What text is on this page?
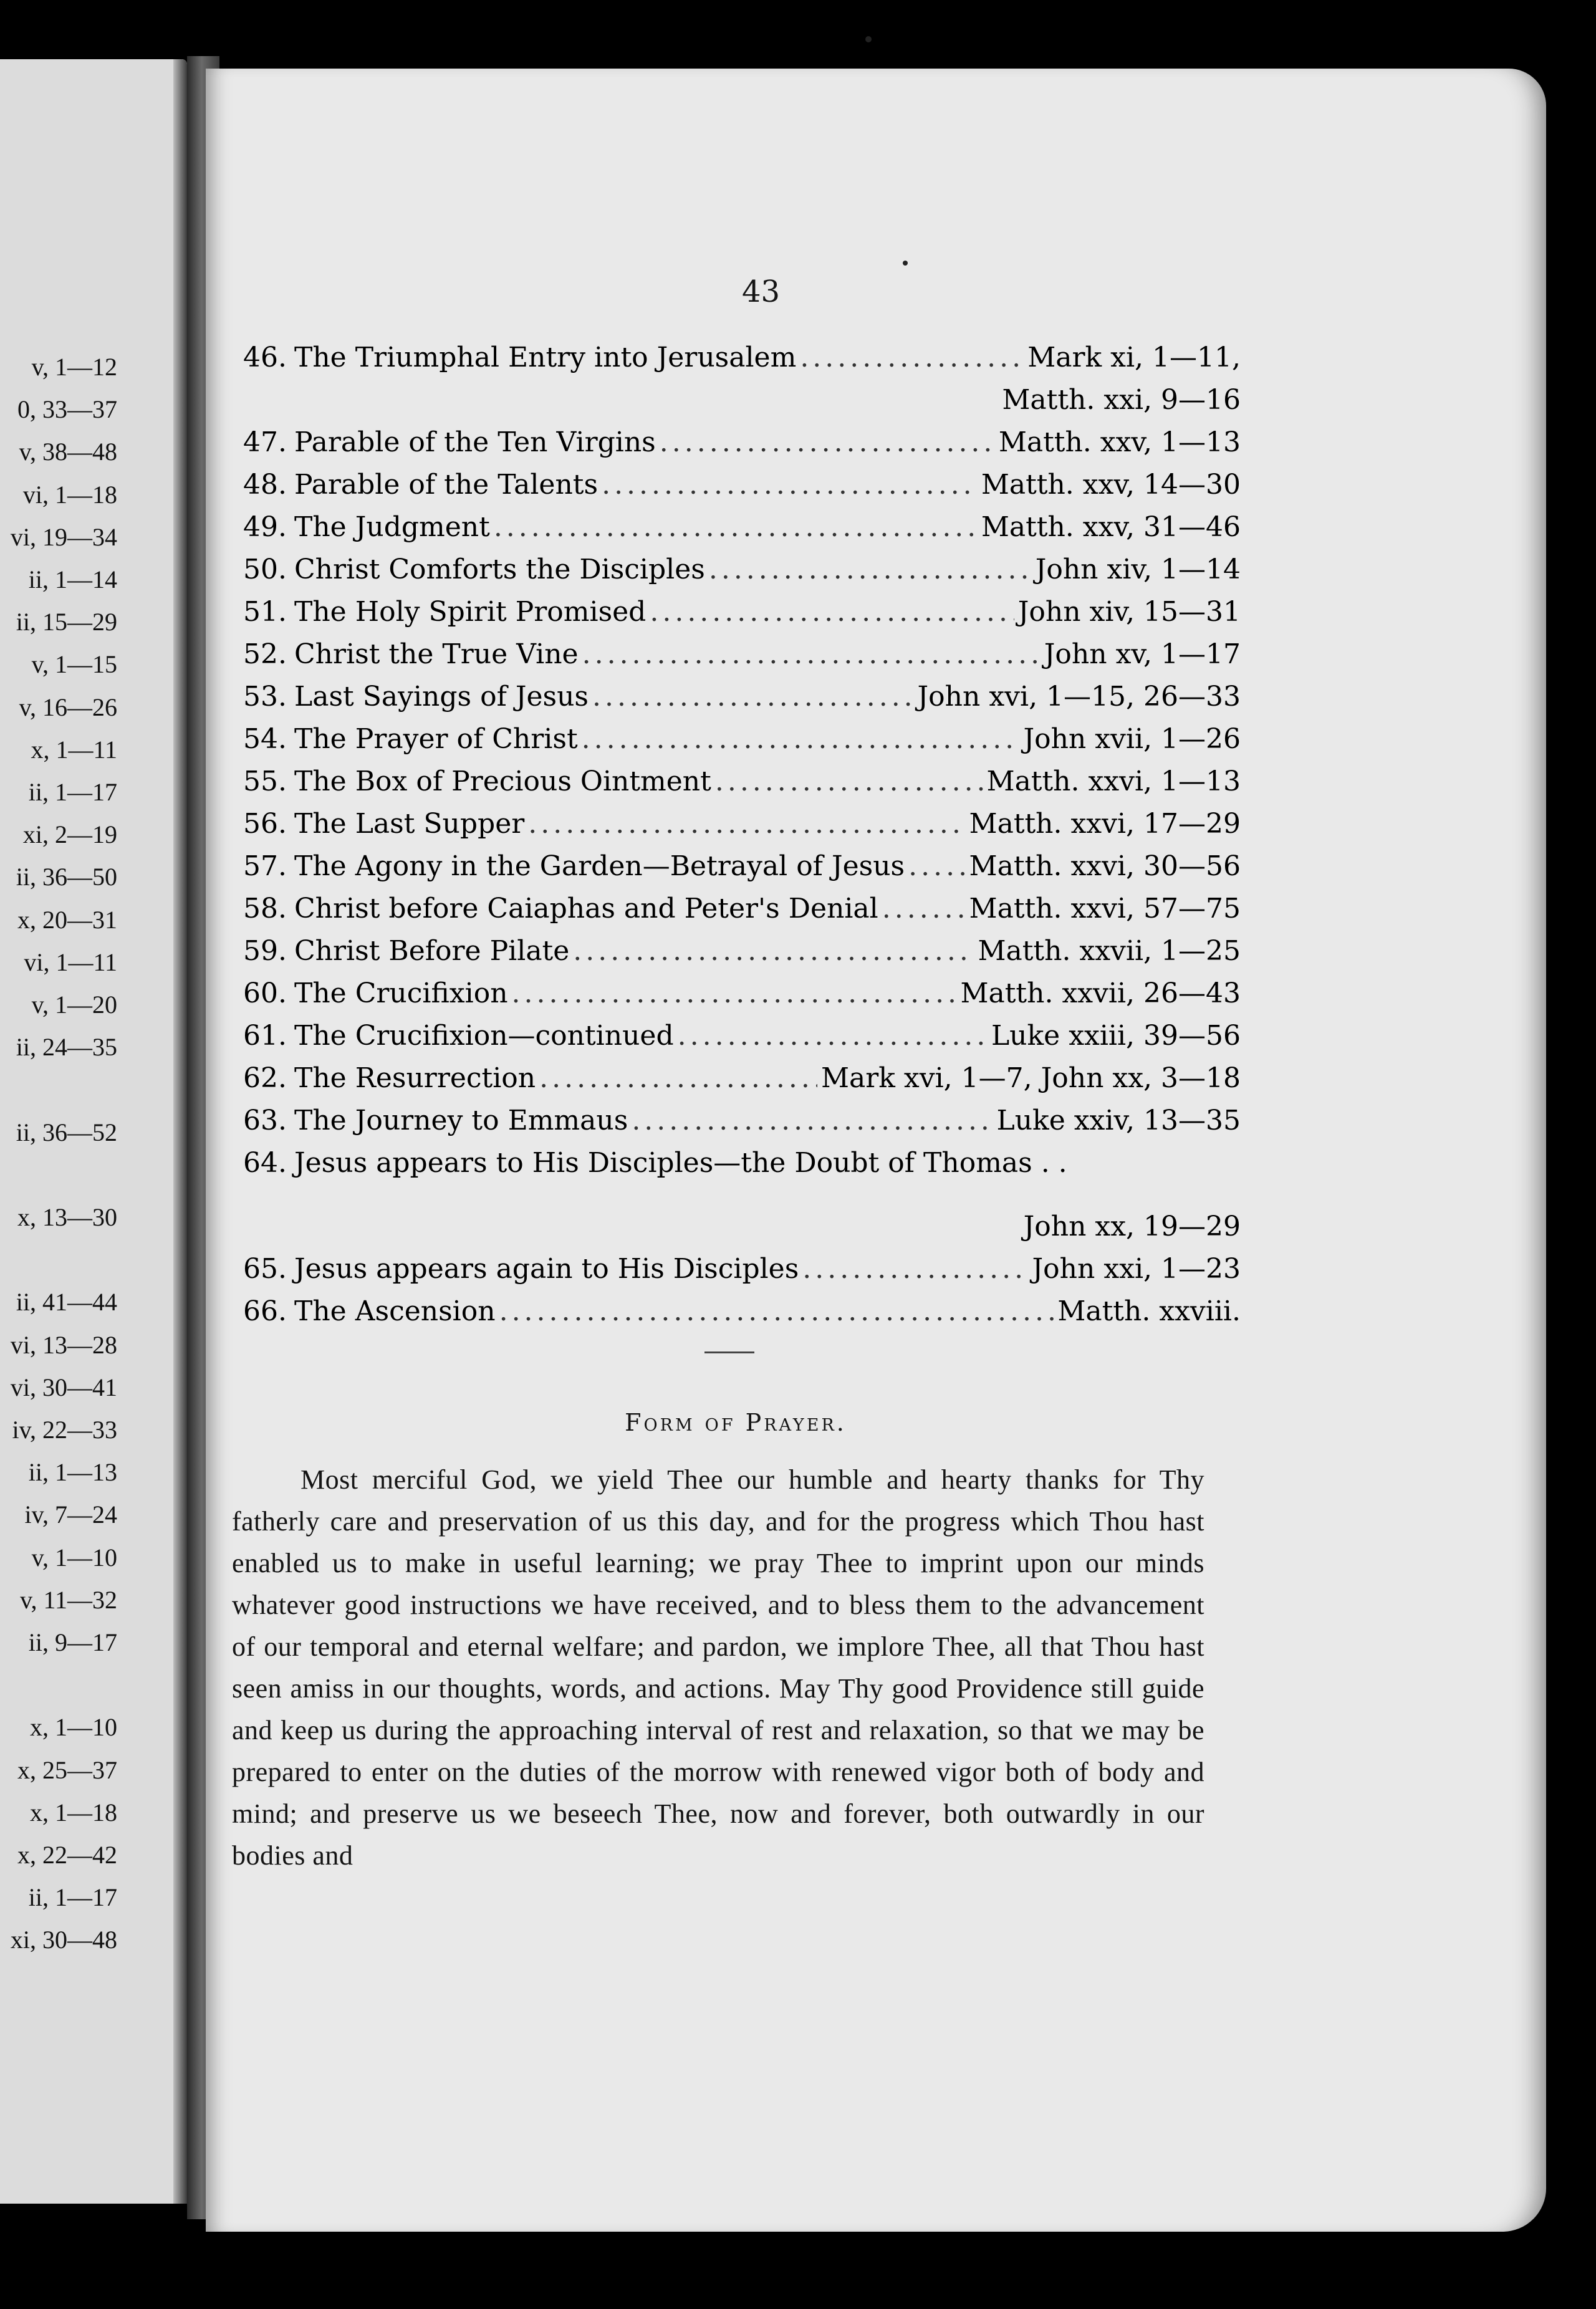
v, 1—12
0, 33—37
v, 38—48
vi, 1—18
vi, 19—34
ii, 1—14
ii, 15—29
v, 1—15
v, 16—26
x, 1—11
ii, 1—17
xi, 2—19
ii, 36—50
x, 20—31
vi, 1—11
v, 1—20
ii, 24—35
ii, 36—52
x, 13—30
ii, 41—44
vi, 13—28
vi, 30—41
iv, 22—33
ii, 1—13
iv, 7—24
v, 1—10
v, 11—32
ii, 9—17
x, 1—10
x, 25—37
x, 1—18
x, 22—42
ii, 1—17
xi, 30—48
43
46. The Triumphal Entry into Jerusalem .....	Mark xi, 1—11,
Matth. xxi, 9—16
47. Parable of the Ten Virgins .....	Matth. xxv, 1—13
48. Parable of the Talents .....	Matth. xxv, 14—30
49. The Judgment .....	Matth. xxv, 31—46
50. Christ Comforts the Disciples .....	John xiv, 1—14
51. The Holy Spirit Promised .....	John xiv, 15—31
52. Christ the True Vine .....	John xv, 1—17
53. Last Sayings of Jesus .....	John xvi, 1—15, 26—33
54. The Prayer of Christ .....	John xvii, 1—26
55. The Box of Precious Ointment .....	Matth. xxvi, 1—13
56. The Last Supper .....	Matth. xxvi, 17—29
57. The Agony in the Garden—Betrayal of Jesus ..... Matth. xxvi, 30—56
58. Christ before Caiaphas and Peter's Denial .....	Matth. xxvi, 57—75
59. Christ Before Pilate .....	Matth. xxvii, 1—25
60. The Crucifixion .....	Matth. xxvii, 26—43
61. The Crucifixion—continued .....	Luke xxiii, 39—56
62. The Resurrection .....	Mark xvi, 1—7, John xx, 3—18
63. The Journey to Emmaus .....	Luke xxiv, 13—35
64. Jesus appears to His Disciples—the Doubt of Thomas . .
John xx, 19—29
65. Jesus appears again to His Disciples .....	John xxi, 1—23
66. The Ascension .....	Matth. xxviii.
Form of Prayer.
Most merciful God, we yield Thee our humble and hearty thanks for Thy fatherly care and preservation of us this day, and for the progress which Thou hast enabled us to make in useful learning; we pray Thee to imprint upon our minds whatever good instructions we have received, and to bless them to the advancement of our temporal and eternal welfare; and pardon, we implore Thee, all that Thou hast seen amiss in our thoughts, words, and actions. May Thy good Providence still guide and keep us during the approaching interval of rest and relaxation, so that we may be prepared to enter on the duties of the morrow with renewed vigor both of body and mind; and preserve us we beseech Thee, now and forever, both outwardly in our bodies and
